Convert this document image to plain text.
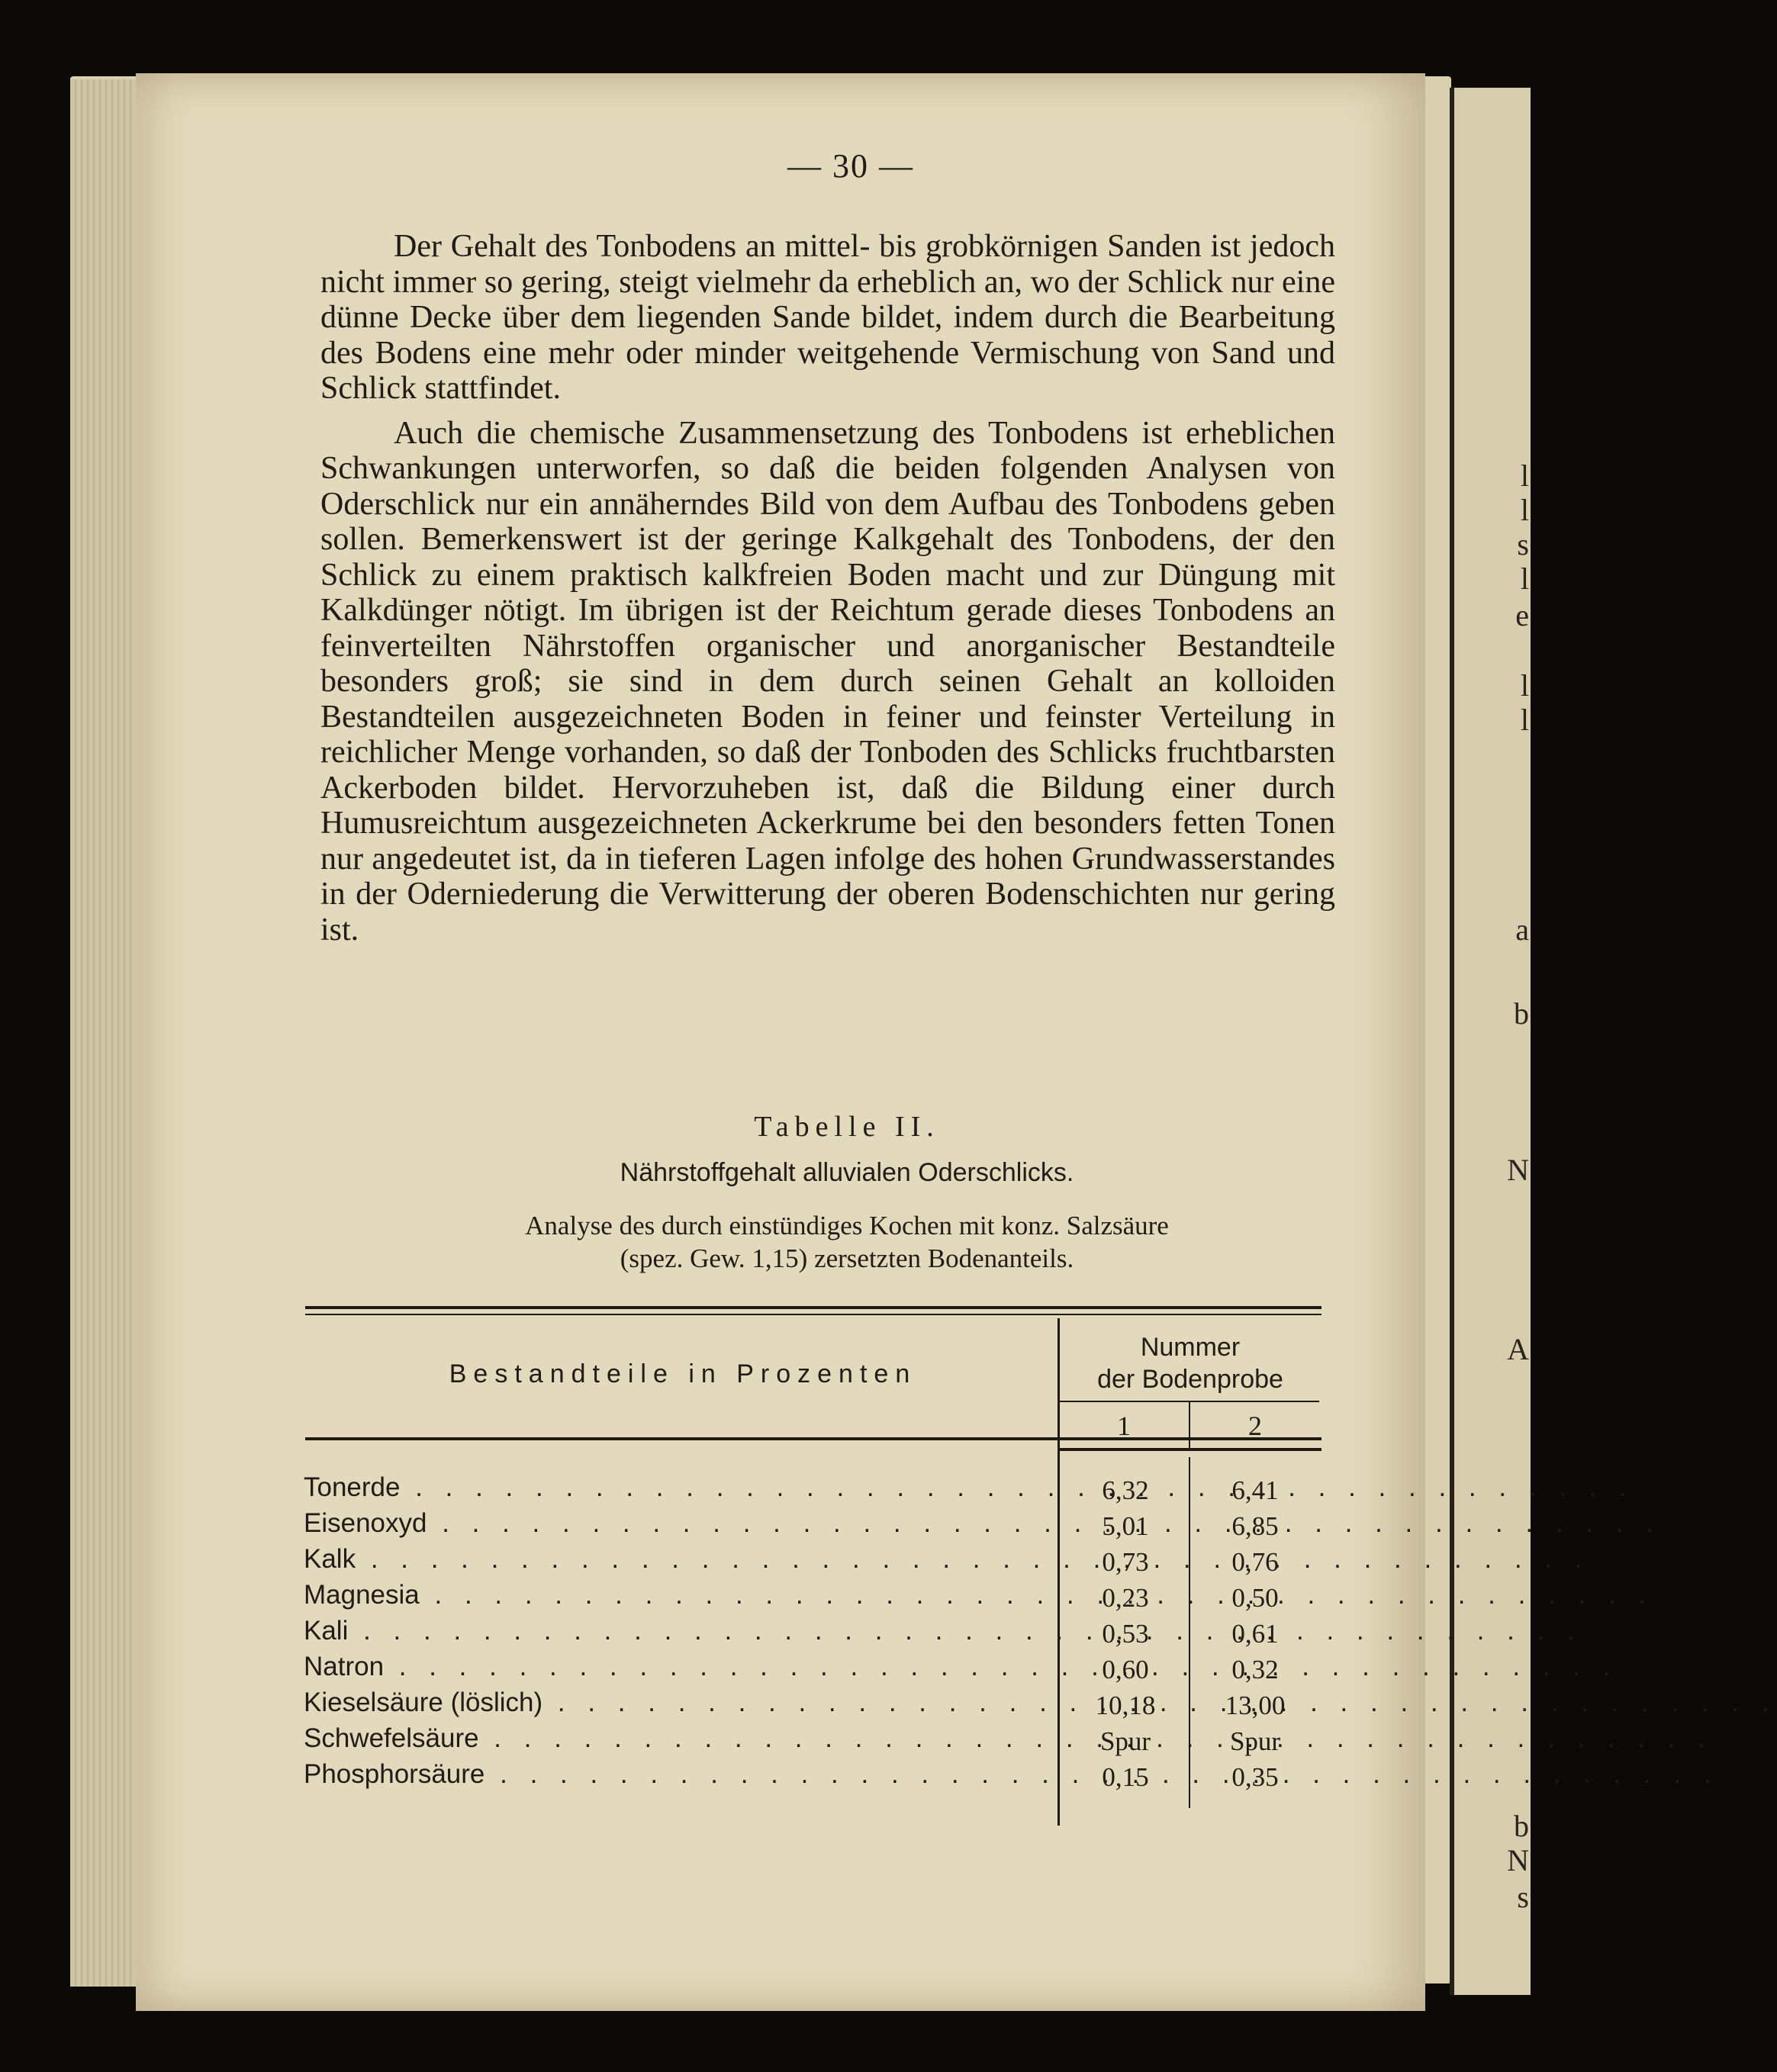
l
l
s
l
e
l
l
a
b
N
A
b
N
s
— 30 —

Der Gehalt des Tonbodens an mittel- bis grobkörnigen Sanden ist jedoch nicht immer so gering, steigt vielmehr da erheblich an, wo der Schlick nur eine dünne Decke über dem liegenden Sande bildet, indem durch die Bearbeitung des Bodens eine mehr oder minder weitgehende Vermischung von Sand und Schlick stattfindet.

Auch die chemische Zusammensetzung des Tonbodens ist erheblichen Schwankungen unterworfen, so daß die beiden folgenden Analysen von Oderschlick nur ein annäherndes Bild von dem Aufbau des Tonbodens geben sollen. Bemerkenswert ist der geringe Kalkgehalt des Tonbodens, der den Schlick zu einem praktisch kalkfreien Boden macht und zur Düngung mit Kalkdünger nötigt. Im übrigen ist der Reichtum gerade dieses Tonbodens an feinverteilten Nährstoffen organischer und anorganischer Bestandteile besonders groß; sie sind in dem durch seinen Gehalt an kolloiden Bestandteilen ausgezeichneten Boden in feiner und feinster Verteilung in reichlicher Menge vorhanden, so daß der Tonboden des Schlicks fruchtbarsten Ackerboden bildet. Hervorzuheben ist, daß die Bildung einer durch Humusreichtum ausgezeichneten Ackerkrume bei den besonders fetten Tonen nur angedeutet ist, da in tieferen Lagen infolge des hohen Grundwasserstandes in der Oderniederung die Verwitterung der oberen Bodenschichten nur gering ist.

Tabelle II.
Nährstoffgehalt alluvialen Oderschlicks.
Analyse des durch einstündiges Kochen mit konz. Salzsäure
(spez. Gew. 1,15) zersetzten Bodenanteils.
Bestandteile in Prozenten
Nummer
der Bodenprobe
1	2
Tonerde . . .	6,32	6,41
Eisenoxyd . . .	5,01	6,85
Kalk . . .	0,73	0,76
Magnesia . . .	0,23	0,50
Kali . . .	0,53	0,61
Natron . . .	0,60	0,32
Kieselsäure (löslich) . . .	10,18	13,00
Schwefelsäure . . .	Spur	Spur
Phosphorsäure . . .	0,15	0,35
